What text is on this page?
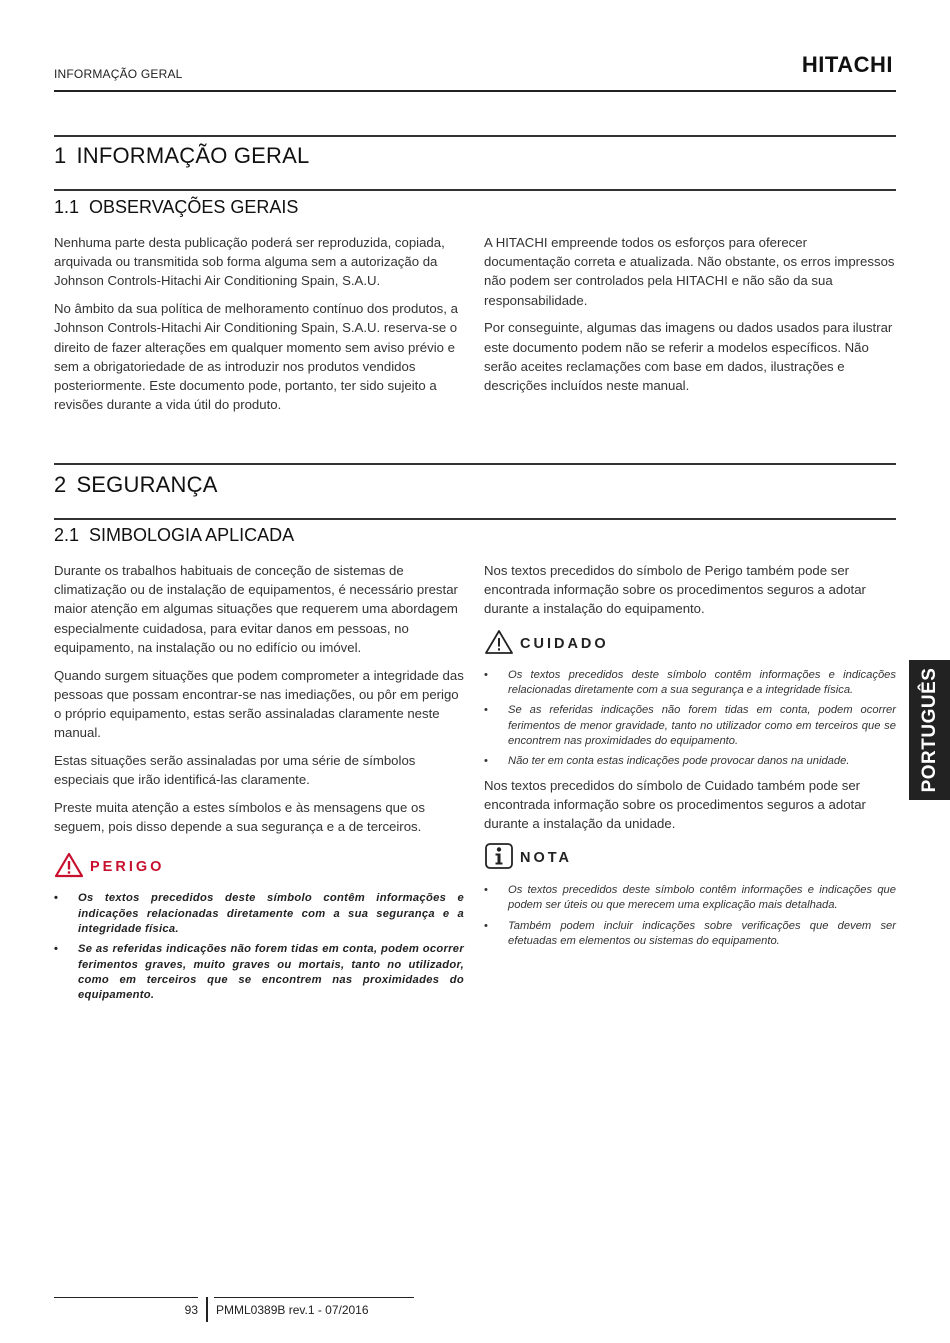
INFORMAÇÃO GERAL	HITACHI
1 INFORMAÇÃO GERAL
1.1 OBSERVAÇÕES GERAIS

Nenhuma parte desta publicação poderá ser reproduzida, copiada, arquivada ou transmitida sob forma alguma sem a autorização da Johnson Controls-Hitachi Air Conditioning Spain, S.A.U.

No âmbito da sua política de melhoramento contínuo dos produtos, a Johnson Controls-Hitachi Air Conditioning Spain, S.A.U. reserva-se o direito de fazer alterações em qualquer momento sem aviso prévio e sem a obrigatoriedade de as introduzir nos produtos vendidos posteriormente. Este documento pode, portanto, ter sido sujeito a revisões durante a vida útil do produto.

A HITACHI empreende todos os esforços para oferecer documentação correta e atualizada. Não obstante, os erros impressos não podem ser controlados pela HITACHI e não são da sua responsabilidade.

Por conseguinte, algumas das imagens ou dados usados para ilustrar este documento podem não se referir a modelos específicos. Não serão aceites reclamações com base em dados, ilustrações e descrições incluídos neste manual.

2 SEGURANÇA
2.1 SIMBOLOGIA APLICADA

Durante os trabalhos habituais de conceção de sistemas de climatização ou de instalação de equipamentos, é necessário prestar maior atenção em algumas situações que requerem uma abordagem especialmente cuidadosa, para evitar danos em pessoas, no equipamento, na instalação ou no edifício ou imóvel.

Quando surgem situações que podem comprometer a integridade das pessoas que possam encontrar-se nas imediações, ou pôr em perigo o próprio equipamento, estas serão assinaladas claramente neste manual.

Estas situações serão assinaladas por uma série de símbolos especiais que irão identificá-las claramente.

Preste muita atenção a estes símbolos e às mensagens que os seguem, pois disso depende a sua segurança e a de terceiros.

PERIGO
• Os textos precedidos deste símbolo contêm informações e indicações relacionadas diretamente com a sua segurança e a integridade física.
• Se as referidas indicações não forem tidas em conta, podem ocorrer ferimentos graves, muito graves ou mortais, tanto no utilizador, como em terceiros que se encontrem nas proximidades do equipamento.

Nos textos precedidos do símbolo de Perigo também pode ser encontrada informação sobre os procedimentos seguros a adotar durante a instalação do equipamento.

CUIDADO
• Os textos precedidos deste símbolo contêm informações e indicações relacionadas diretamente com a sua segurança e a integridade física.
• Se as referidas indicações não forem tidas em conta, podem ocorrer ferimentos de menor gravidade, tanto no utilizador como em terceiros que se encontrem nas proximidades do equipamento.
• Não ter em conta estas indicações pode provocar danos na unidade.

Nos textos precedidos do símbolo de Cuidado também pode ser encontrada informação sobre os procedimentos seguros a adotar durante a instalação da unidade.

NOTA
• Os textos precedidos deste símbolo contêm informações e indicações que podem ser úteis ou que merecem uma explicação mais detalhada.
• Também podem incluir indicações sobre verificações que devem ser efetuadas em elementos ou sistemas do equipamento.
PORTUGUÊS
93 PMML0389B rev.1 - 07/2016
